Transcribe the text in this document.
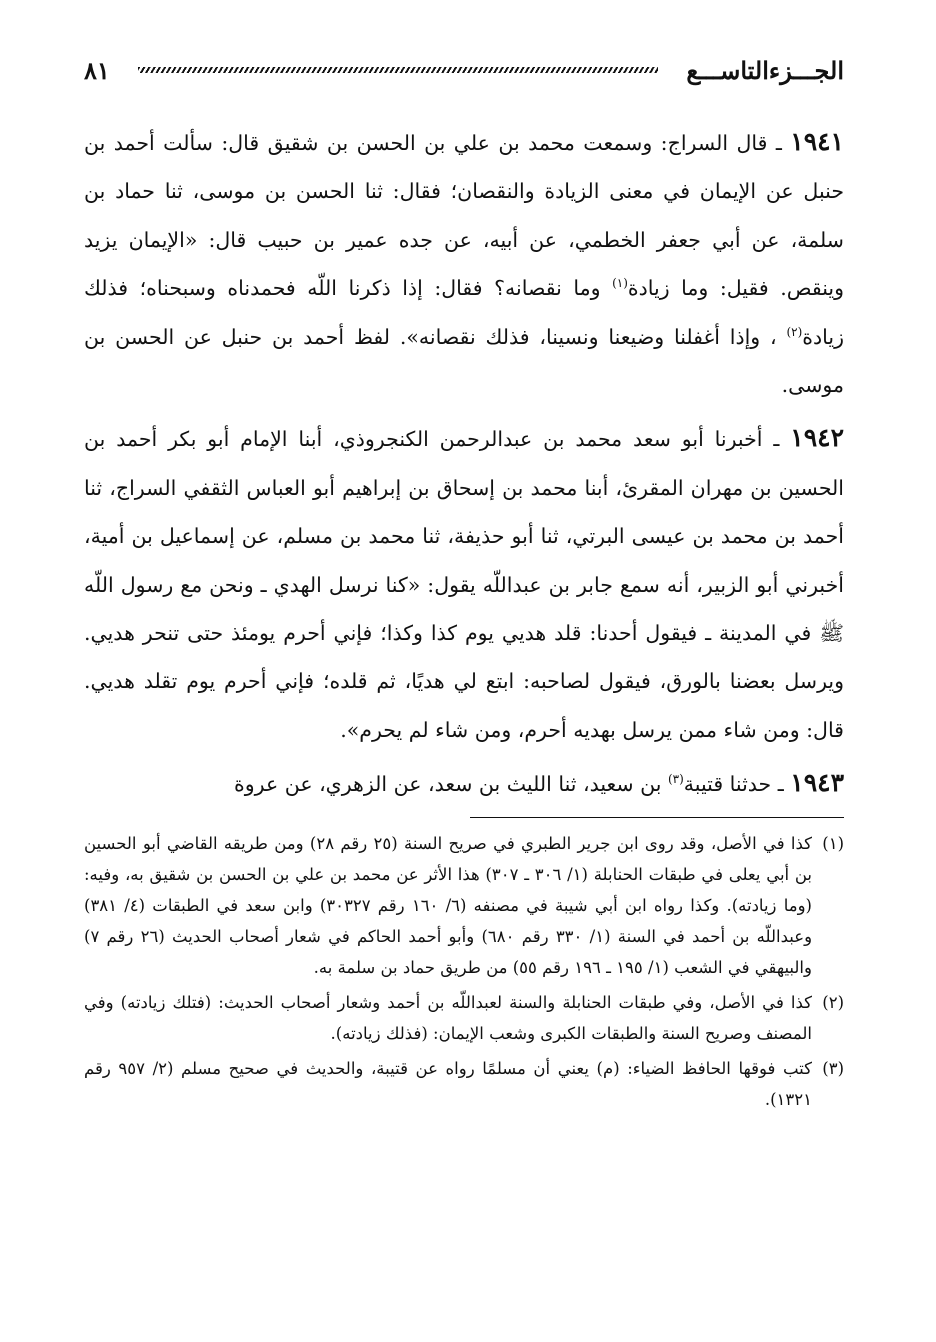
الجـــزءالتاســـع
٨١

١٩٤١ ـ قال السراج: وسمعت محمد بن علي بن الحسن بن شقيق قال: سألت أحمد بن حنبل عن الإيمان في معنى الزيادة والنقصان؛ فقال: ثنا الحسن بن موسى، ثنا حماد بن سلمة، عن أبي جعفر الخطمي، عن أبيه، عن جده عمير بن حبيب قال: «الإيمان يزيد وينقص. فقيل: وما زيادة$^{(١)}$ وما نقصانه؟ فقال: إذا ذكرنا اللّه فحمدناه وسبحناه؛ فذلك زيادة$^{(٢)}$ ، وإذا أغفلنا وضيعنا ونسينا، فذلك نقصانه». لفظ أحمد بن حنبل عن الحسن بن موسى.

١٩٤٢ ـ أخبرنا أبو سعد محمد بن عبدالرحمن الكنجروذي، أبنا الإمام أبو بكر أحمد بن الحسين بن مهران المقرئ، أبنا محمد بن إسحاق بن إبراهيم أبو العباس الثقفي السراج، ثنا أحمد بن محمد بن عيسى البرتي، ثنا أبو حذيفة، ثنا محمد بن مسلم، عن إسماعيل بن أمية، أخبرني أبو الزبير، أنه سمع جابر بن عبداللّه يقول: «كنا نرسل الهدي ـ ونحن مع رسول اللّه ﷺ في المدينة ـ فيقول أحدنا: قلد هديي يوم كذا وكذا؛ فإني أحرم يومئذ حتى تنحر هديي. ويرسل بعضنا بالورق، فيقول لصاحبه: ابتع لي هديًا، ثم قلده؛ فإني أحرم يوم تقلد هديي. قال: ومن شاء ممن يرسل بهديه أحرم، ومن شاء لم يحرم».

١٩٤٣ ـ حدثنا قتيبة$^{(٣)}$ بن سعيد، ثنا الليث بن سعد، عن الزهري، عن عروة

(١)
كذا في الأصل، وقد روى ابن جرير الطبري في صريح السنة (٢٥ رقم ٢٨) ومن طريقه القاضي أبو الحسين بن أبي يعلى في طبقات الحنابلة (١/ ٣٠٦ ـ ٣٠٧) هذا الأثر عن محمد بن علي بن الحسن بن شقيق به، وفيه: (وما زيادته). وكذا رواه ابن أبي شيبة في مصنفه (٦/ ١٦٠ رقم ٣٠٣٢٧) وابن سعد في الطبقات (٤/ ٣٨١) وعبداللّه بن أحمد في السنة (١/ ٣٣٠ رقم ٦٨٠) وأبو أحمد الحاكم في شعار أصحاب الحديث (٢٦ رقم ٧) والبيهقي في الشعب (١/ ١٩٥ ـ ١٩٦ رقم ٥٥) من طريق حماد بن سلمة به.
(٢)
كذا في الأصل، وفي طبقات الحنابلة والسنة لعبداللّه بن أحمد وشعار أصحاب الحديث: (فتلك زيادته) وفي المصنف وصريح السنة والطبقات الكبرى وشعب الإيمان: (فذلك زيادته).
(٣)
كتب فوقها الحافظ الضياء: (م) يعني أن مسلمًا رواه عن قتيبة، والحديث في صحيح مسلم (٢/ ٩٥٧ رقم ١٣٢١).
